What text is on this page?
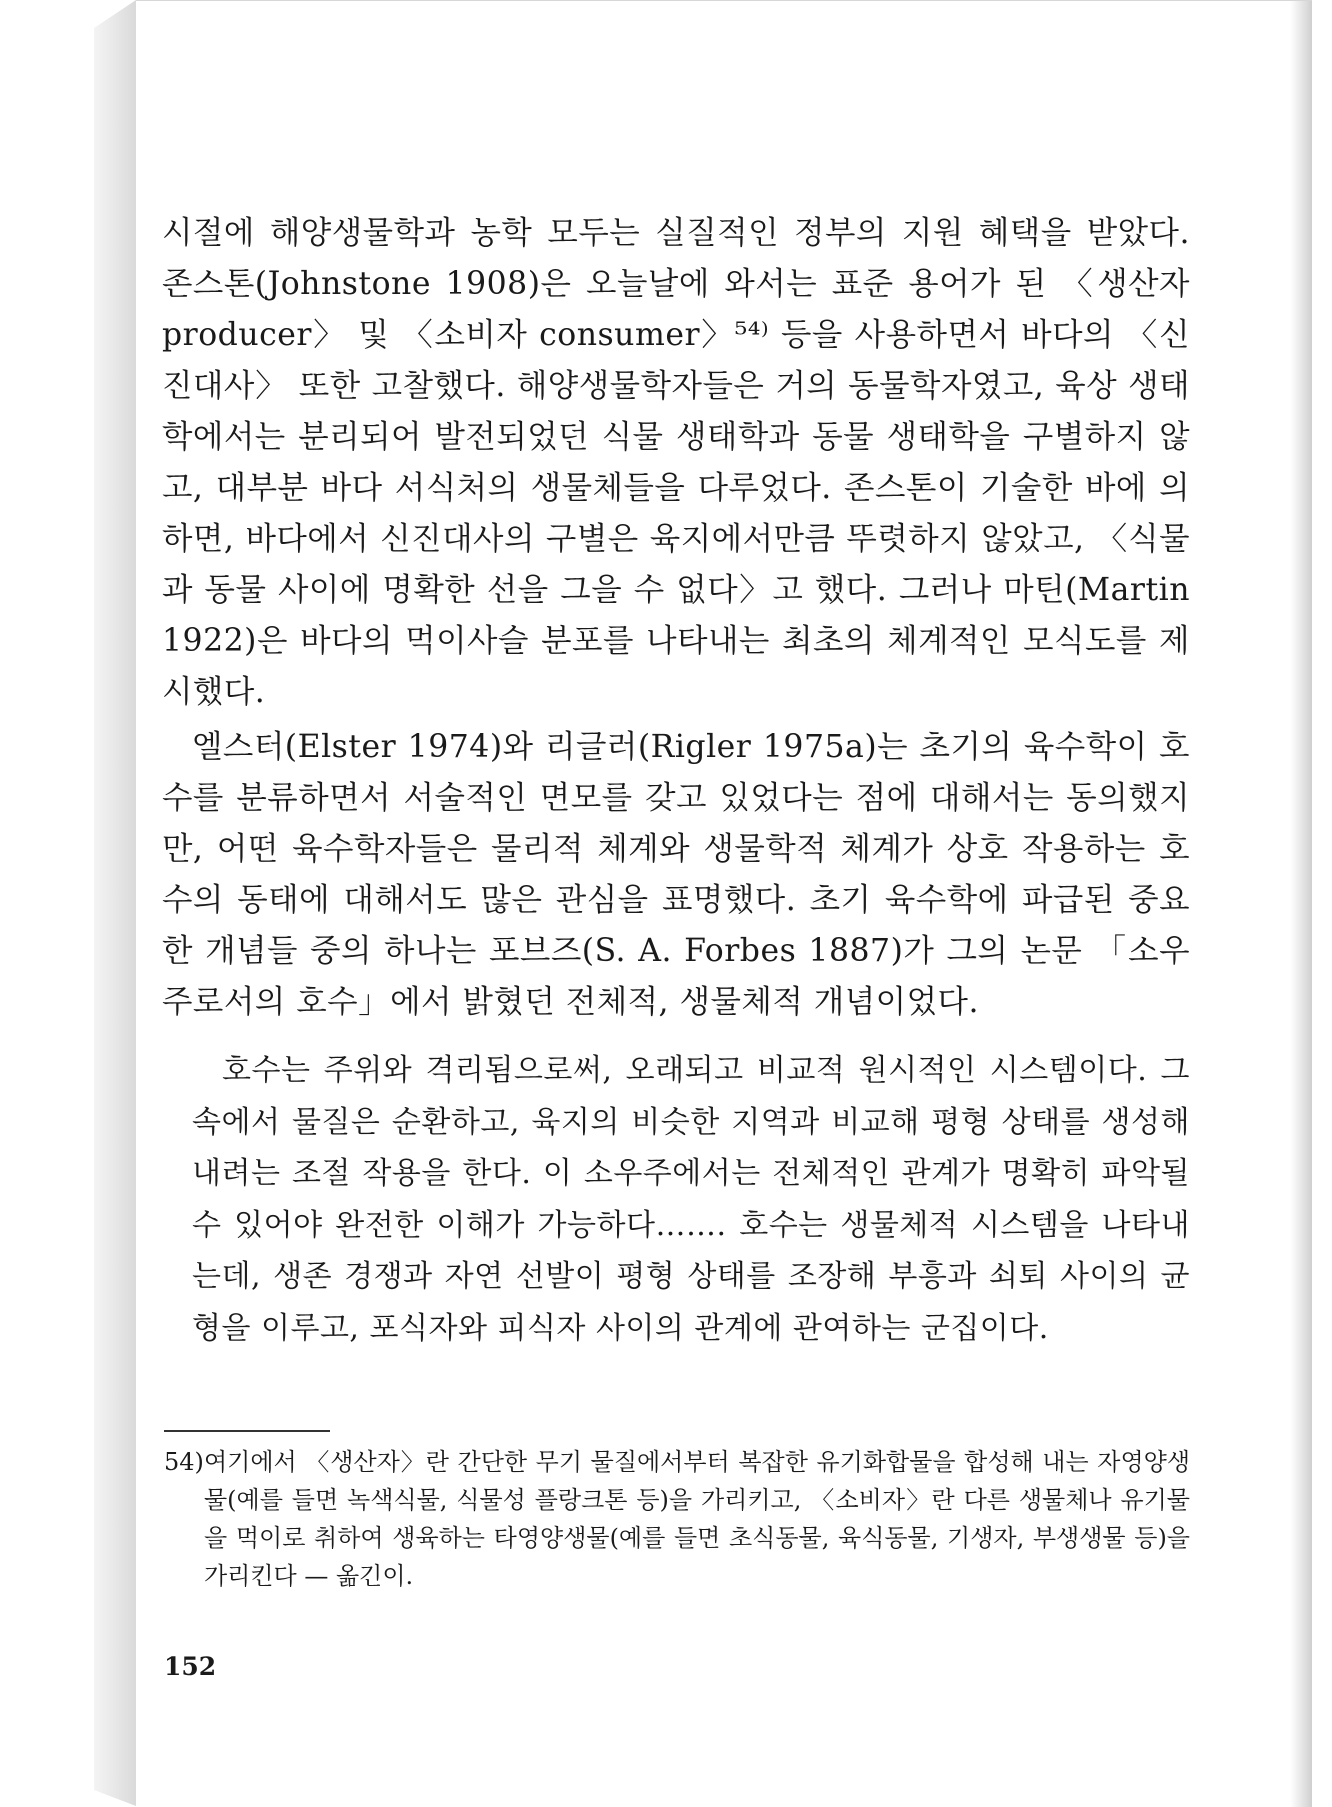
시절에 해양생물학과 농학 모두는 실질적인 정부의 지원 혜택을 받았다. 존스톤(Johnstone 1908)은 오늘날에 와서는 표준 용어가 된 〈생산자 producer〉 및 〈소비자 consumer〉⁵⁴⁾ 등을 사용하면서 바다의 〈신진대사〉 또한 고찰했다. 해양생물학자들은 거의 동물학자였고, 육상 생태학에서는 분리되어 발전되었던 식물 생태학과 동물 생태학을 구별하지 않고, 대부분 바다 서식처의 생물체들을 다루었다. 존스톤이 기술한 바에 의하면, 바다에서 신진대사의 구별은 육지에서만큼 뚜렷하지 않았고, 〈식물과 동물 사이에 명확한 선을 그을 수 없다〉고 했다. 그러나 마틴(Martin 1922)은 바다의 먹이사슬 분포를 나타내는 최초의 체계적인 모식도를 제시했다.

엘스터(Elster 1974)와 리글러(Rigler 1975a)는 초기의 육수학이 호수를 분류하면서 서술적인 면모를 갖고 있었다는 점에 대해서는 동의했지만, 어떤 육수학자들은 물리적 체계와 생물학적 체계가 상호 작용하는 호수의 동태에 대해서도 많은 관심을 표명했다. 초기 육수학에 파급된 중요한 개념들 중의 하나는 포브즈(S. A. Forbes 1887)가 그의 논문 「소우주로서의 호수」에서 밝혔던 전체적, 생물체적 개념이었다.

호수는 주위와 격리됨으로써, 오래되고 비교적 원시적인 시스템이다. 그 속에서 물질은 순환하고, 육지의 비슷한 지역과 비교해 평형 상태를 생성해 내려는 조절 작용을 한다. 이 소우주에서는 전체적인 관계가 명확히 파악될 수 있어야 완전한 이해가 가능하다……. 호수는 생물체적 시스템을 나타내는데, 생존 경쟁과 자연 선발이 평형 상태를 조장해 부흥과 쇠퇴 사이의 균형을 이루고, 포식자와 피식자 사이의 관계에 관여하는 군집이다.

54) 여기에서 〈생산자〉란 간단한 무기 물질에서부터 복잡한 유기화합물을 합성해 내는 자영양생물(예를 들면 녹색식물, 식물성 플랑크톤 등)을 가리키고, 〈소비자〉란 다른 생물체나 유기물을 먹이로 취하여 생육하는 타영양생물(예를 들면 초식동물, 육식동물, 기생자, 부생생물 등)을 가리킨다 — 옮긴이.
152
